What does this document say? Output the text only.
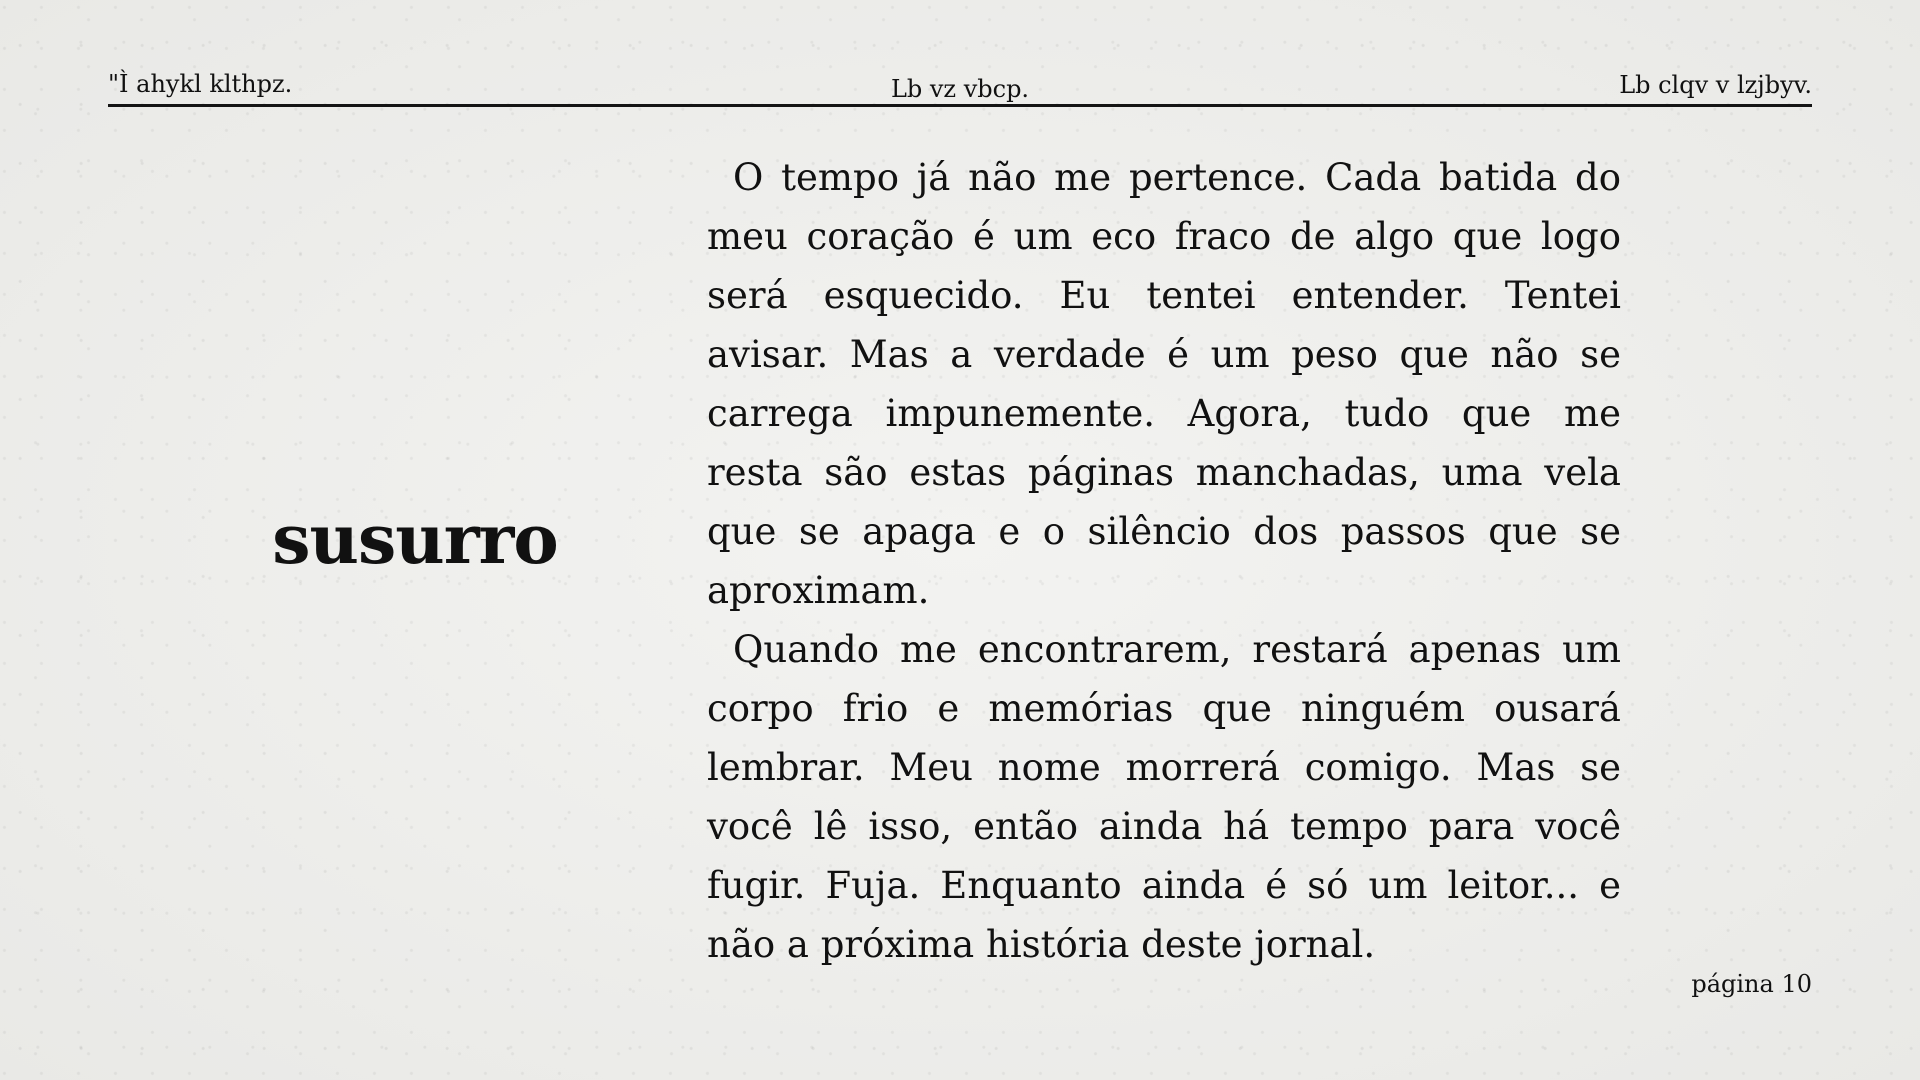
"Ì ahykl klthpz.	Lb vz vbcp.	Lb clqv v lzjbyv.
susurro

O tempo já não me pertence. Cada batida do meu coração é um eco fraco de algo que logo será esquecido. Eu tentei entender. Tentei avisar. Mas a verdade é um peso que não se carrega impunemente. Agora, tudo que me resta são estas páginas manchadas, uma vela que se apaga e o silêncio dos passos que se aproximam.

Quando me encontrarem, restará apenas um corpo frio e memórias que ninguém ousará lembrar. Meu nome morrerá comigo. Mas se você lê isso, então ainda há tempo para você fugir. Fuja. Enquanto ainda é só um leitor... e não a próxima história deste jornal.

página 10
